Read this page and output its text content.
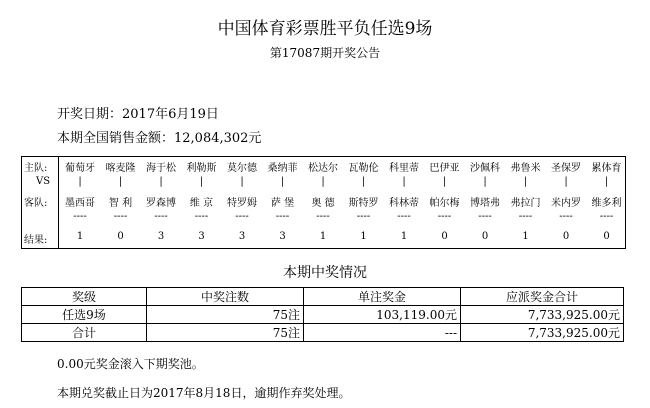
中国体育彩票胜平负任选9场
第17087期开奖公告
开奖日期：2017年6月19日
本期全国销售金额：12,084,302元
主队:	葡萄牙	喀麦隆	海于松	利勒斯	莫尔德	桑纳菲	松达尔	瓦勒伦	科里蒂	巴伊亚	沙佩科	弗鲁米	圣保罗	累体育
VS	|	|	|	|	|	|	|	|	|	|	|	|	|	|
客队:	墨西哥	智 利	罗森博	维 京	特罗姆	萨 堡	奥 德	斯特罗	科林蒂	帕尔梅	博塔弗	弗拉门	米内罗	维多利
----	----	----	----	----	----	----	----	----	----	----	----	----	----
结果:	1	0	3	3	3	3	1	1	1	0	0	1	0	0
本期中奖情况
奖级	中奖注数	单注奖金	应派奖金合计
任选9场	75注	103,119.00元	7,733,925.00元
合计	75注	---	7,733,925.00元
0.00元奖金滚入下期奖池。
本期兑奖截止日为2017年8月18日，逾期作弃奖处理。
